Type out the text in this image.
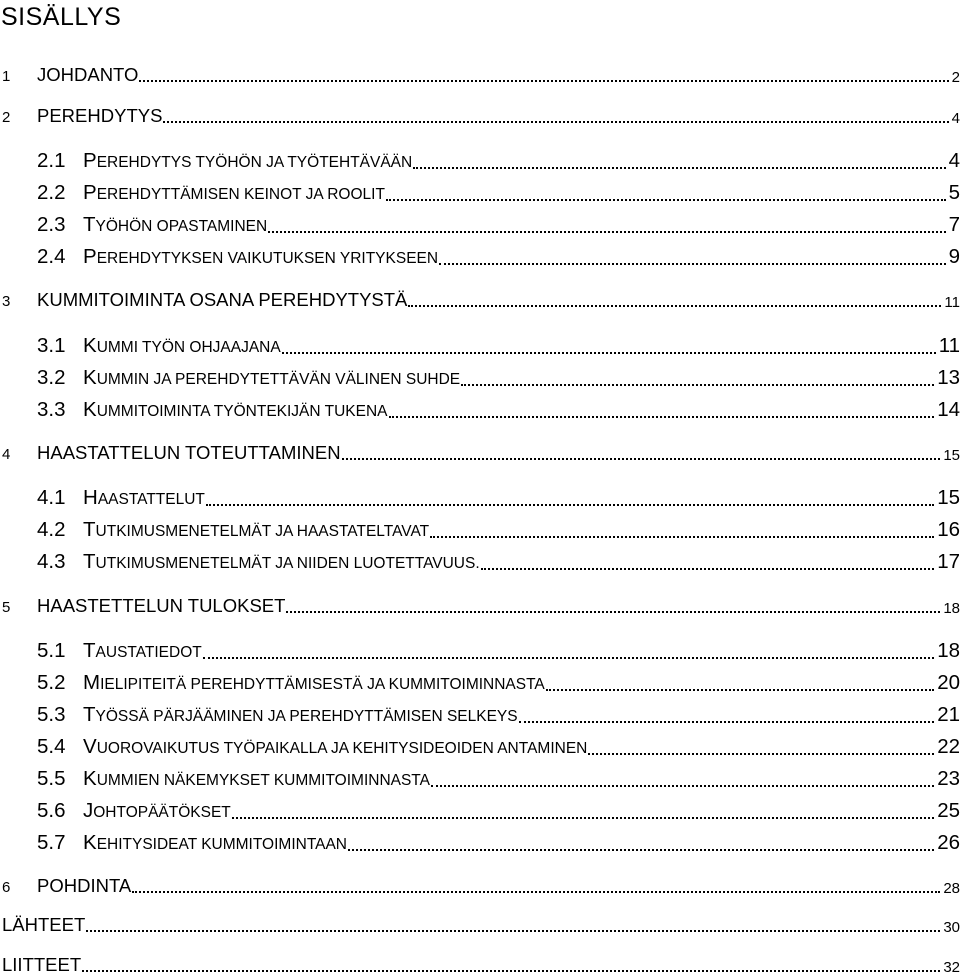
SISÄLLYS
1 JOHDANTO	2
2 PEREHDYTYS	4
2.1 PEREHDYTYS TYÖHÖN JA TYÖTEHTÄVÄÄN	4
2.2 PEREHDYTTÄMISEN KEINOT JA ROOLIT	5
2.3 TYÖHÖN OPASTAMINEN	7
2.4 PEREHDYTYKSEN VAIKUTUKSEN YRITYKSEEN	9
3 KUMMITOIMINTA OSANA PEREHDYTYSTÄ	11
3.1 KUMMI TYÖN OHJAAJANA	11
3.2 KUMMIN JA PEREHDYTETTÄVÄN VÄLINEN SUHDE	13
3.3 KUMMITOIMINTA TYÖNTEKIJÄN TUKENA	14
4 HAASTATTELUN TOTEUTTAMINEN	15
4.1 HAASTATTELUT	15
4.2 TUTKIMUSMENETELMÄT JA HAASTATELTAVAT	16
4.3 TUTKIMUSMENETELMÄT JA NIIDEN LUOTETTAVUUS.	17
5 HAASTETTELUN TULOKSET	18
5.1 TAUSTATIEDOT	18
5.2 MIELIPITEITÄ PEREHDYTTÄMISESTÄ JA KUMMITOIMINNASTA	20
5.3 TYÖSSÄ PÄRJÄÄMINEN JA PEREHDYTTÄMISEN SELKEYS	21
5.4 VUOROVAIKUTUS TYÖPAIKALLA JA KEHITYSIDEOIDEN ANTAMINEN	22
5.5 KUMMIEN NÄKEMYKSET KUMMITOIMINNASTA	23
5.6 JOHTOPÄÄTÖKSET	25
5.7 KEHITYSIDEAT KUMMITOIMINTAAN	26
6 POHDINTA	28
LÄHTEET	30
LIITTEET	32
